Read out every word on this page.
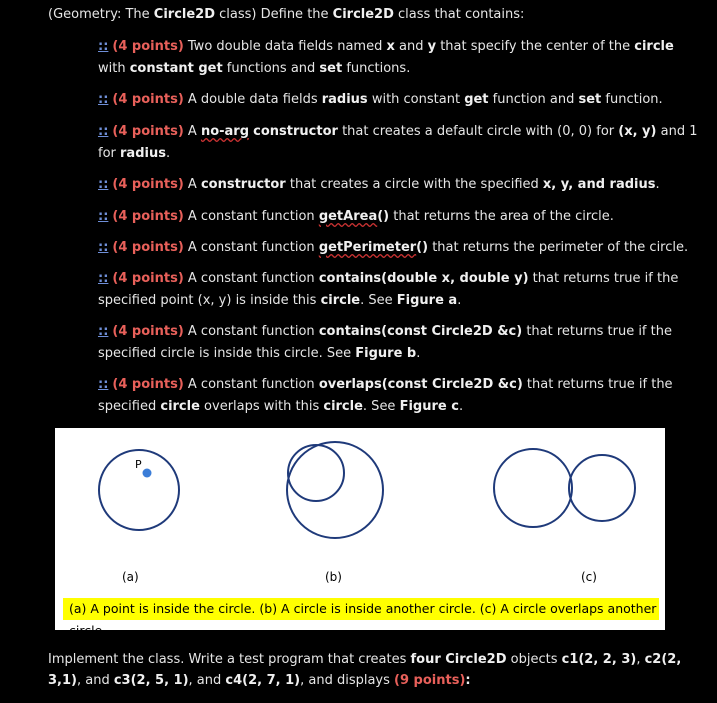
(Geometry: The Circle2D class) Define the Circle2D class that contains:
:: (4 points) Two double data fields named x and y that specify the center of the circle
with constant get functions and set functions.
:: (4 points) A double data fields radius with constant get function and set function.
:: (4 points) A no-arg constructor that creates a default circle with (0, 0) for (x, y) and 1
for radius.
:: (4 points) A constructor that creates a circle with the specified x, y, and radius.
:: (4 points) A constant function getArea() that returns the area of the circle.
:: (4 points) A constant function getPerimeter() that returns the perimeter of the circle.
:: (4 points) A constant function contains(double x, double y) that returns true if the
specified point (x, y) is inside this circle. See Figure a.
:: (4 points) A constant function contains(const Circle2D &c) that returns true if the
specified circle is inside this circle. See Figure b.
:: (4 points) A constant function overlaps(const Circle2D &c) that returns true if the
specified circle overlaps with this circle. See Figure c.
P
(a)	(b)	(c)
(a) A point is inside the circle. (b) A circle is inside another circle. (c) A circle overlaps another circle.
Implement the class. Write a test program that creates four Circle2D objects c1(2, 2, 3), c2(2,
3,1), and c3(2, 5, 1), and c4(2, 7, 1), and displays (9 points):
